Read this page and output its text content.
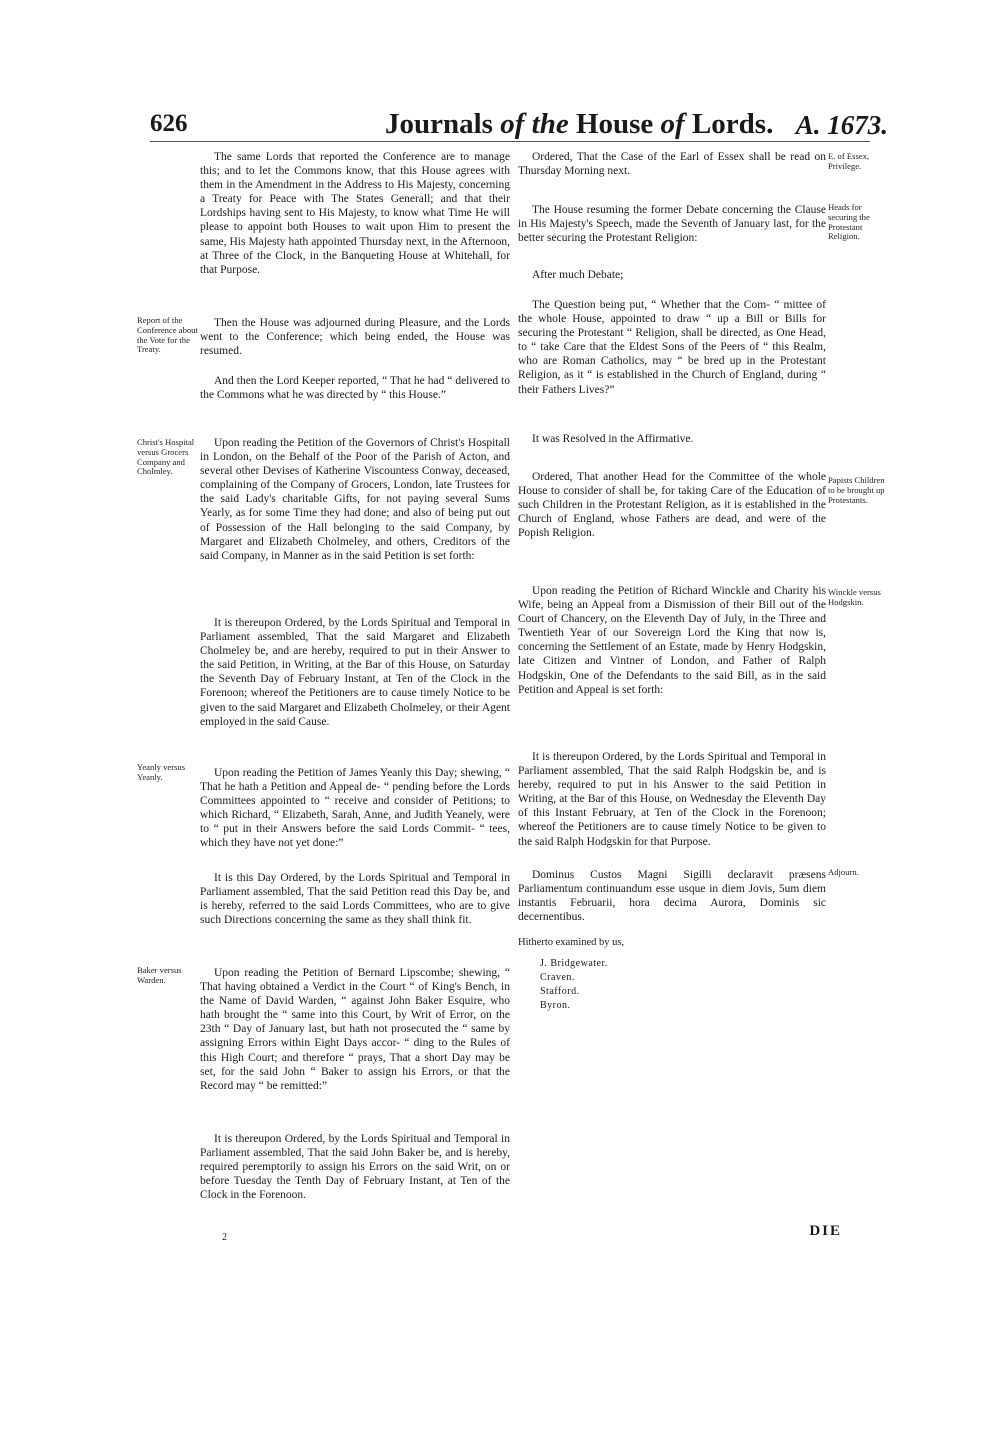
626	Journals of the House of Lords. A. 1673.

The same Lords that reported the Conference are to manage this; and to let the Commons know, that this House agrees with them in the Amendment in the Address to His Majesty, concerning a Treaty for Peace with The States Generall; and that their Lordships having sent to His Majesty, to know what Time He will please to appoint both Houses to wait upon Him to present the same, His Majesty hath appointed Thursday next, in the Afternoon, at Three of the Clock, in the Banqueting House at Whitehall, for that Purpose.

Then the House was adjourned during Pleasure, and the Lords went to the Conference; which being ended, the House was resumed.

And then the Lord Keeper reported, “ That he had “ delivered to the Commons what he was directed by “ this House.”

Upon reading the Petition of the Governors of Christ's Hospitall in London, on the Behalf of the Poor of the Parish of Acton, and several other Devises of Katherine Viscountess Conway, deceased, complaining of the Company of Grocers, London, late Trustees for the said Lady's charitable Gifts, for not paying several Sums Yearly, as for some Time they had done; and also of being put out of Possession of the Hall belonging to the said Company, by Margaret and Elizabeth Cholmeley, and others, Creditors of the said Company, in Manner as in the said Petition is set forth:

It is thereupon Ordered, by the Lords Spiritual and Temporal in Parliament assembled, That the said Margaret and Elizabeth Cholmeley be, and are hereby, required to put in their Answer to the said Petition, in Writing, at the Bar of this House, on Saturday the Seventh Day of February Instant, at Ten of the Clock in the Forenoon; whereof the Petitioners are to cause timely Notice to be given to the said Margaret and Elizabeth Cholmeley, or their Agent employed in the said Cause.

Upon reading the Petition of James Yeanly this Day; shewing, “ That he hath a Petition and Appeal de- “ pending before the Lords Committees appointed to “ receive and consider of Petitions; to which Richard, “ Elizabeth, Sarah, Anne, and Judith Yeanely, were to “ put in their Answers before the said Lords Commit- “ tees, which they have not yet done:”

It is this Day Ordered, by the Lords Spiritual and Temporal in Parliament assembled, That the said Petition read this Day be, and is hereby, referred to the said Lords Committees, who are to give such Directions concerning the same as they shall think fit.

Upon reading the Petition of Bernard Lipscombe; shewing, “ That having obtained a Verdict in the Court “ of King's Bench, in the Name of David Warden, “ against John Baker Esquire, who hath brought the “ same into this Court, by Writ of Error, on the 23th “ Day of January last, but hath not prosecuted the “ same by assigning Errors within Eight Days accor- “ ding to the Rules of this High Court; and therefore “ prays, That a short Day may be set, for the said John “ Baker to assign his Errors, or that the Record may “ be remitted:”

It is thereupon Ordered, by the Lords Spiritual and Temporal in Parliament assembled, That the said John Baker be, and is hereby, required peremptorily to assign his Errors on the said Writ, on or before Tuesday the Tenth Day of February Instant, at Ten of the Clock in the Forenoon.

Report of the Conference about the Vote for the Treaty.
Christ's Hospital versus Grocers Company and Cholmley.
Yeanly versus Yeanly.
Baker versus Warden.

Ordered, That the Case of the Earl of Essex shall be read on Thursday Morning next.

The House resuming the former Debate concerning the Clause in His Majesty's Speech, made the Seventh of January last, for the better securing the Protestant Religion:

After much Debate;

The Question being put, “ Whether that the Com- “ mittee of the whole House, appointed to draw “ up a Bill or Bills for securing the Protestant “ Religion, shall be directed, as One Head, to “ take Care that the Eldest Sons of the Peers of “ this Realm, who are Roman Catholics, may “ be bred up in the Protestant Religion, as it “ is established in the Church of England, during “ their Fathers Lives?”

It was Resolved in the Affirmative.

Ordered, That another Head for the Committee of the whole House to consider of shall be, for taking Care of the Education of such Children in the Protestant Religion, as it is established in the Church of England, whose Fathers are dead, and were of the Popish Religion.

Upon reading the Petition of Richard Winckle and Charity his Wife, being an Appeal from a Dismission of their Bill out of the Court of Chancery, on the Eleventh Day of July, in the Three and Twentieth Year of our Sovereign Lord the King that now is, concerning the Settlement of an Estate, made by Henry Hodgskin, late Citizen and Vintner of London, and Father of Ralph Hodgskin, One of the Defendants to the said Bill, as in the said Petition and Appeal is set forth:

It is thereupon Ordered, by the Lords Spiritual and Temporal in Parliament assembled, That the said Ralph Hodgskin be, and is hereby, required to put in his Answer to the said Petition in Writing, at the Bar of this House, on Wednesday the Eleventh Day of this Instant February, at Ten of the Clock in the Forenoon; whereof the Petitioners are to cause timely Notice to be given to the said Ralph Hodgskin for that Purpose.

Dominus Custos Magni Sigilli declaravit præsens Parliamentum continuandum esse usque in diem Jovis, 5um diem instantis Februarii, hora decima Aurora, Dominis sic decernentibus.

Hitherto examined by us,

E. of Essex, Privilege.
Heads for securing the Protestant Religion.
Papists Children to be brought up Protestants.
Winckle versus Hodgskin.
Adjourn.
J. Bridgewater.
Craven.
Stafford.
Byron.
2	DIE
